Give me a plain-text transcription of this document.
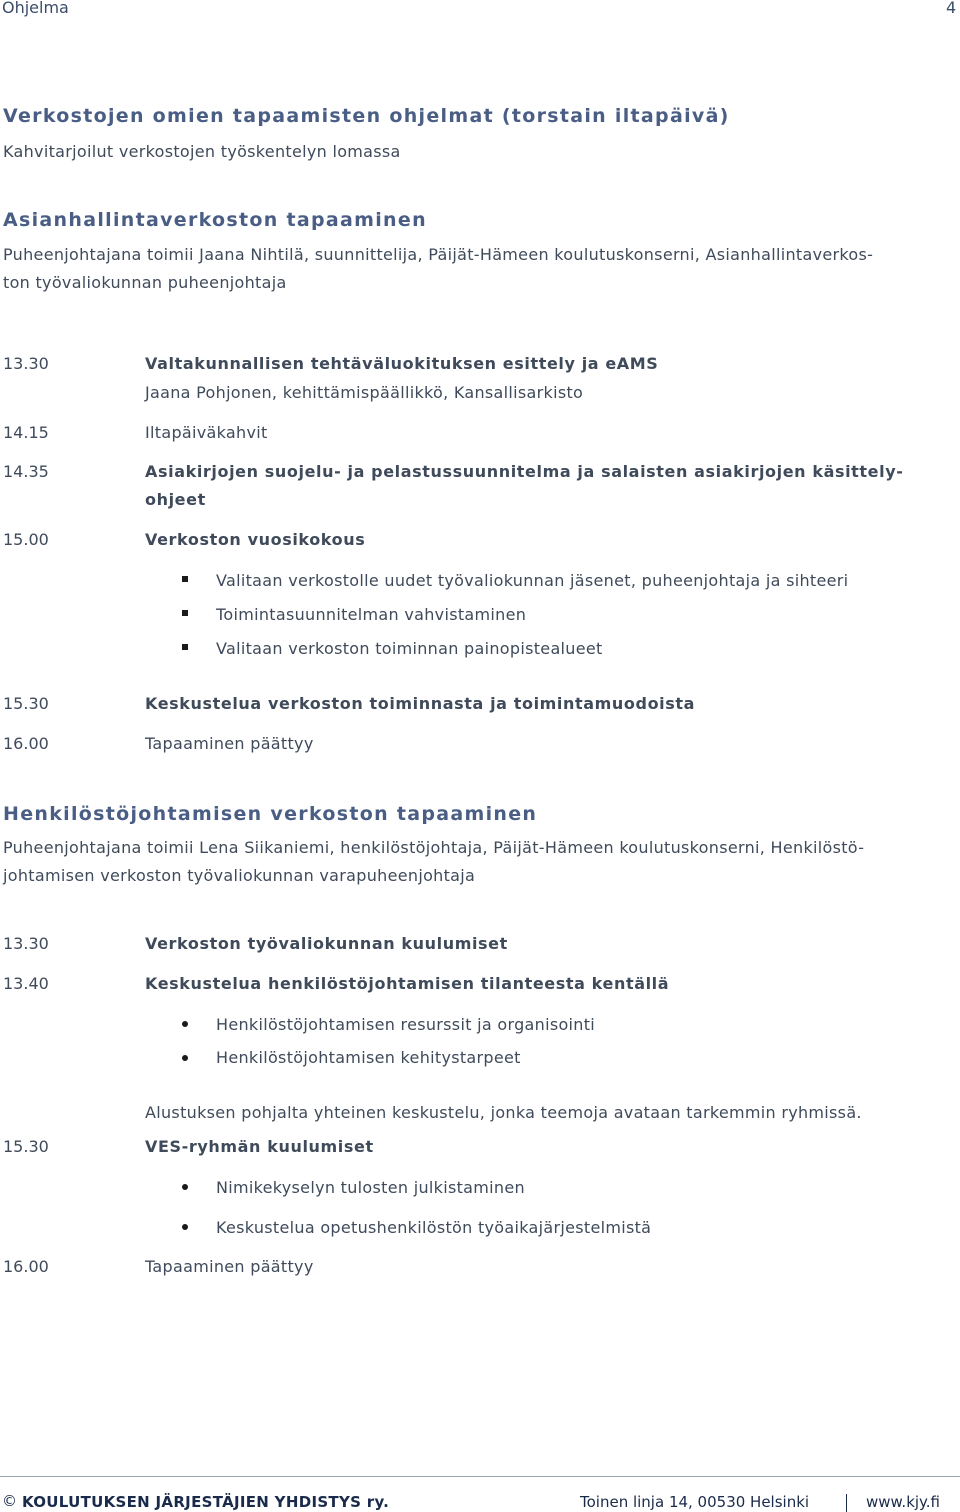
Ohjelma	4
Verkostojen omien tapaamisten ohjelmat (torstain iltapäivä)
Kahvitarjoilut verkostojen työskentelyn lomassa
Asianhallintaverkoston tapaaminen
Puheenjohtajana toimii Jaana Nihtilä, suunnittelija, Päijät-Hämeen koulutuskonserni, Asianhallintaverkos-
ton työvaliokunnan puheenjohtaja
13.30	Valtakunnallisen tehtäväluokituksen esittely ja eAMS
Jaana Pohjonen, kehittämispäällikkö, Kansallisarkisto
14.15	Iltapäiväkahvit
14.35	Asiakirjojen suojelu- ja pelastussuunnitelma ja salaisten asiakirjojen käsittely-
ohjeet
15.00	Verkoston vuosikokous
Valitaan verkostolle uudet työvaliokunnan jäsenet, puheenjohtaja ja sihteeri
Toimintasuunnitelman vahvistaminen
Valitaan verkoston toiminnan painopistealueet
15.30	Keskustelua verkoston toiminnasta ja toimintamuodoista
16.00	Tapaaminen päättyy
Henkilöstöjohtamisen verkoston tapaaminen
Puheenjohtajana toimii Lena Siikaniemi, henkilöstöjohtaja, Päijät-Hämeen koulutuskonserni, Henkilöstö-
johtamisen verkoston työvaliokunnan varapuheenjohtaja
13.30	Verkoston työvaliokunnan kuulumiset
13.40	Keskustelua henkilöstöjohtamisen tilanteesta kentällä
Henkilöstöjohtamisen resurssit ja organisointi
Henkilöstöjohtamisen kehitystarpeet
Alustuksen pohjalta yhteinen keskustelu, jonka teemoja avataan tarkemmin ryhmissä.
15.30	VES-ryhmän kuulumiset
Nimikekyselyn tulosten julkistaminen
Keskustelua opetushenkilöstön työaikajärjestelmistä
16.00	Tapaaminen päättyy
© KOULUTUKSEN JÄRJESTÄJIEN YHDISTYS ry.	Toinen linja 14, 00530 Helsinki	www.kjy.fi
